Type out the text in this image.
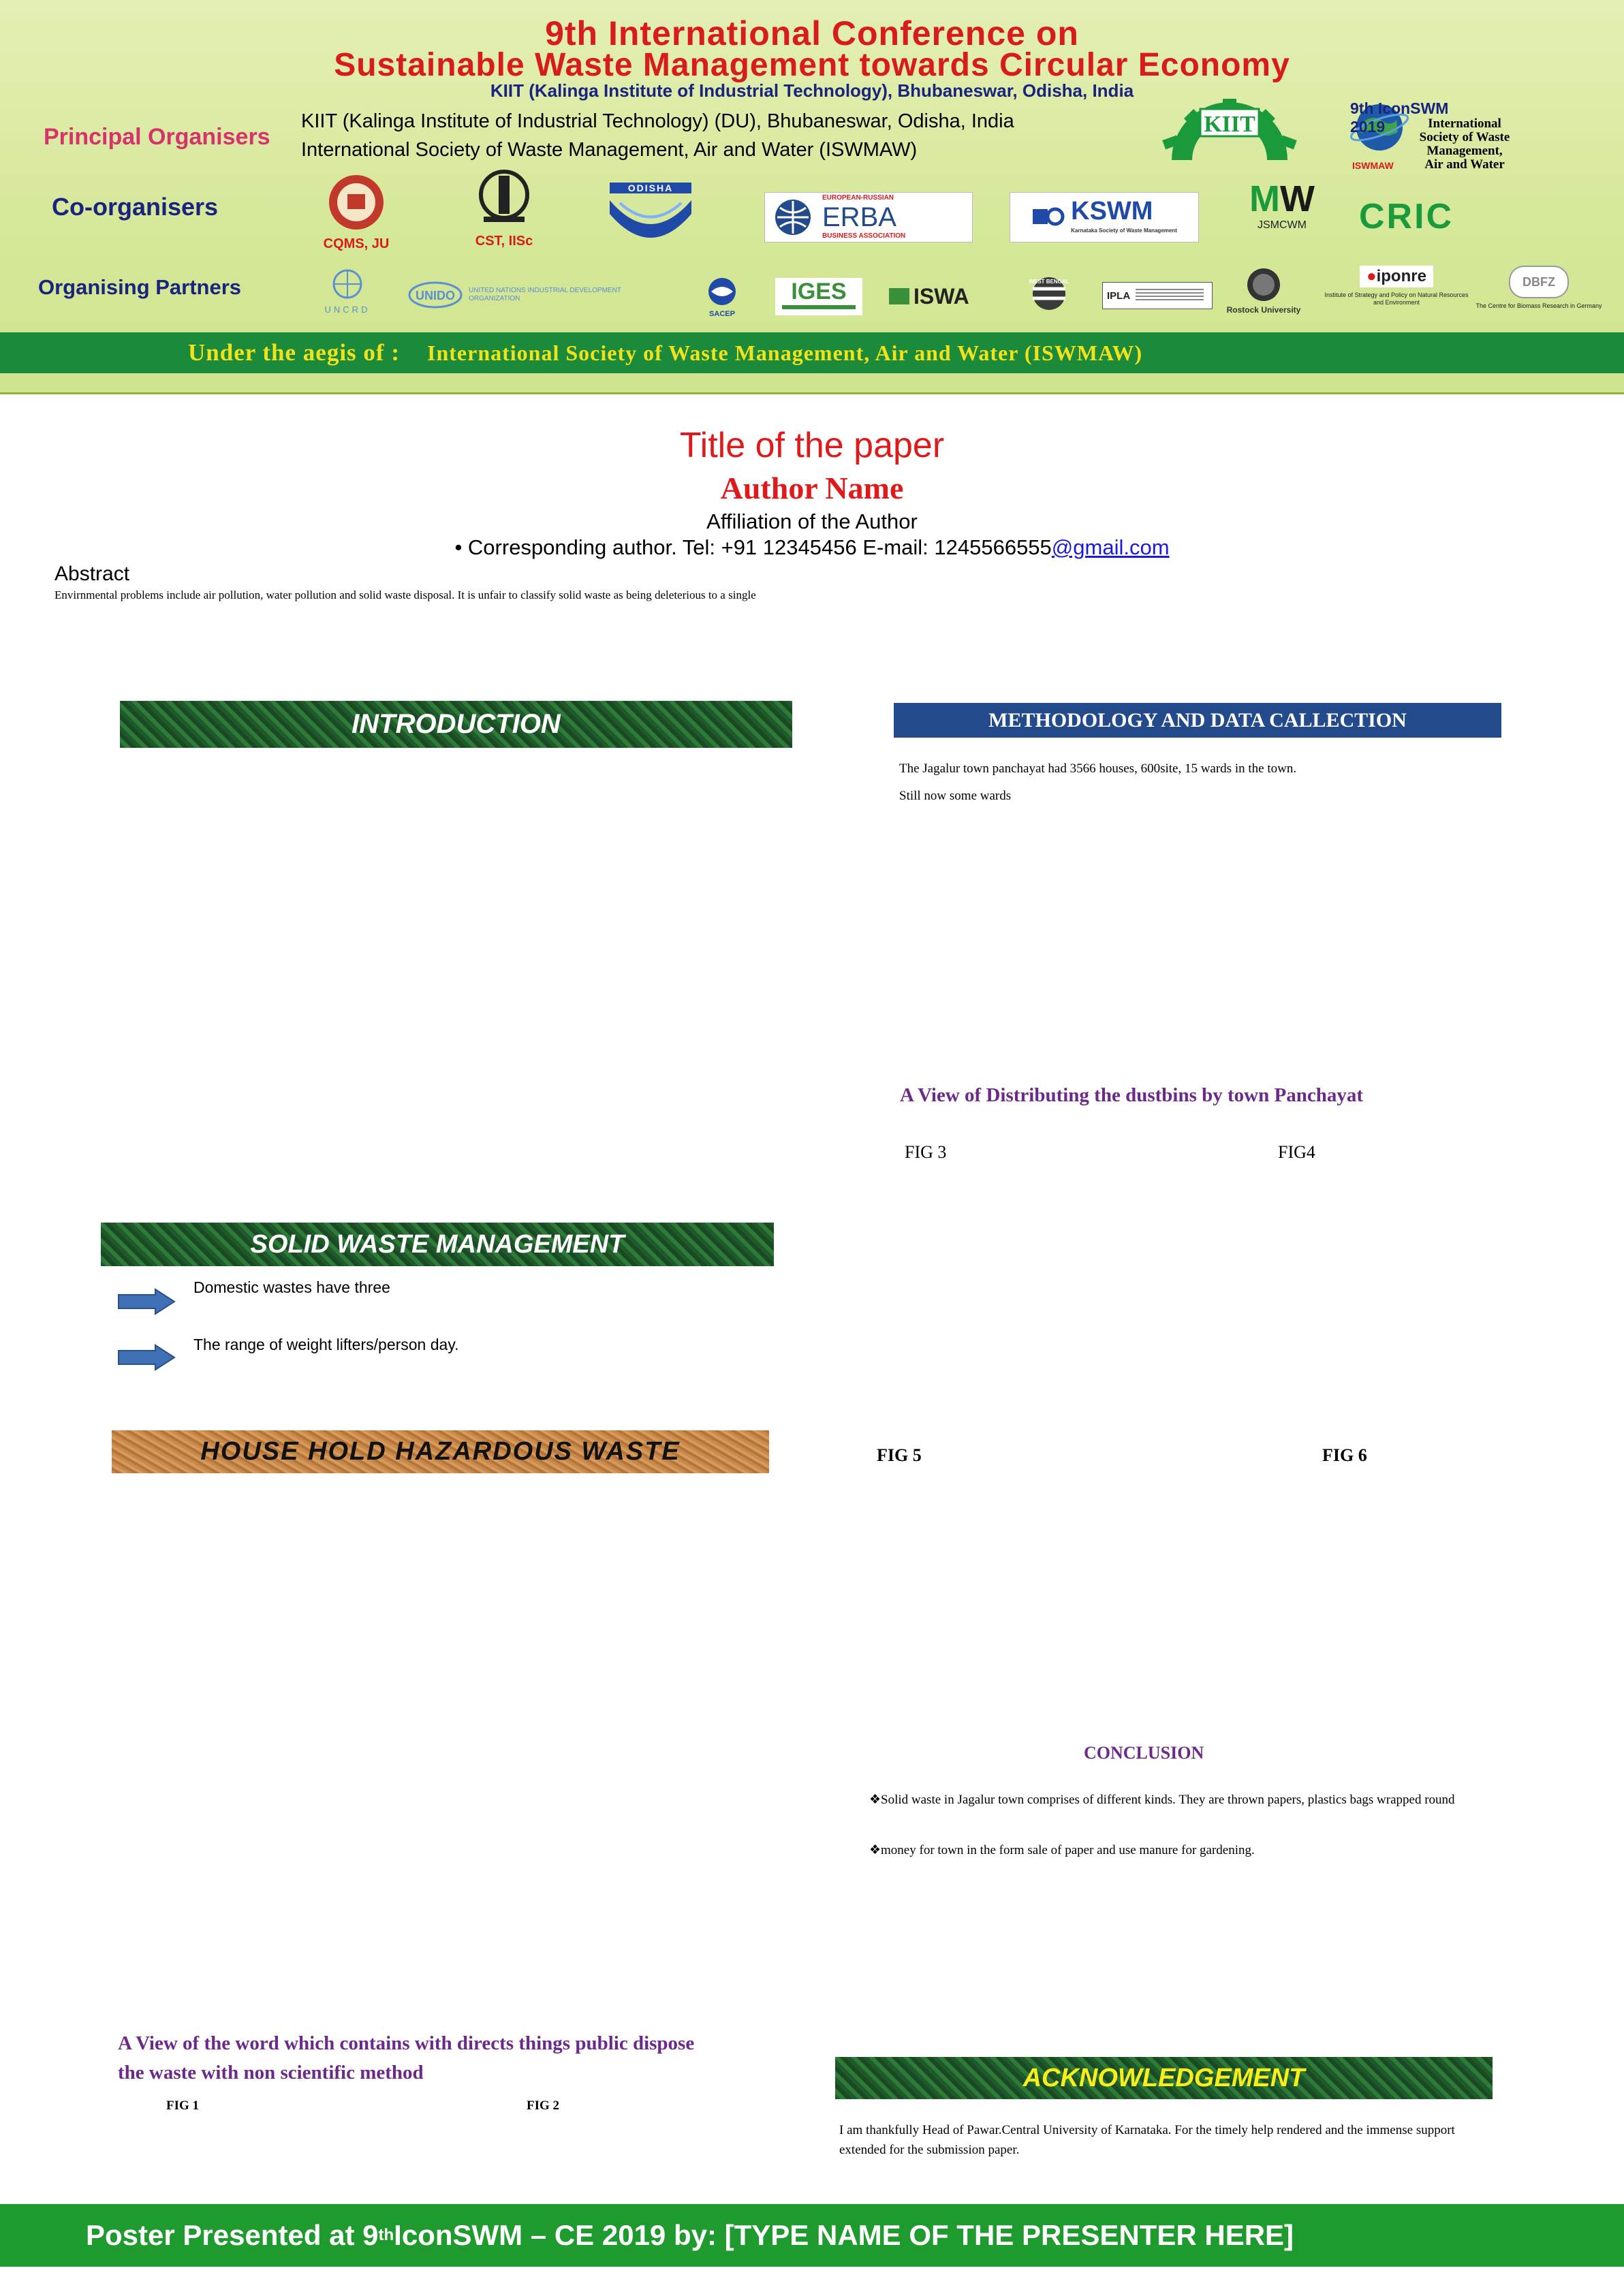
9th International Conference on
Sustainable Waste Management towards Circular Economy
KIIT (Kalinga Institute of Industrial Technology), Bhubaneswar, Odisha, India
Principal Organisers
KIIT (Kalinga Institute of Industrial Technology) (DU), Bhubaneswar, Odisha, India
International Society of Waste Management, Air and Water (ISWMAW)
KIIT
9th IconSWM 2019	International Society of Waste Management, Air and Water
ISWMAW
Co-organisers
CQMS, JU	CST, IISc
ODISHA
EUROPEAN-RUSSIAN
ERBA
BUSINESS ASSOCIATION
KSWM
Karnataka Society of Waste Management
MW
JSMCWM	CRIC
Organising Partners
UNCRD
UNIDO UNITED NATIONS INDUSTRIAL DEVELOPMENT ORGANIZATION
SACEP
IGES	ISWA
WEST BENGAL
IPLA
Rostock University
●iponre
Institute of Strategy and Policy on Natural Resources and Environment
DBFZ
The Centre for Biomass Research in Germany
Under the aegis of : International Society of Waste Management, Air and Water (ISWMAW)
Title of the paper
Author Name
Affiliation of the Author
• Corresponding author. Tel: +91 12345456 E-mail: 1245566555@gmail.com
Abstract
Envirnmental problems include air pollution, water pollution and solid waste disposal. It is unfair to classify solid waste as being deleterious to a single
INTRODUCTION
SOLID WASTE MANAGEMENT
Domestic wastes have three
The range of weight lifters/person day.
HOUSE HOLD HAZARDOUS WASTE
A View of the word which contains with directs things public dispose
the waste with non scientific method
FIG 1	FIG 2
METHODOLOGY AND DATA CALLECTION
The Jagalur town panchayat had 3566 houses, 600site, 15 wards in the town.
Still now some wards
A View of Distributing the dustbins by town Panchayat
FIG 3	FIG4
FIG 5	FIG 6
CONCLUSION
❖Solid waste in Jagalur town comprises of different kinds. They are thrown papers, plastics bags wrapped round
❖money for town in the form sale of paper and use manure for gardening.
ACKNOWLEDGEMENT
I am thankfully Head of Pawar.Central University of Karnataka. For the timely help rendered and the immense support extended for the submission paper.
Poster Presented at 9 th IconSWM – CE 2019 by: [TYPE NAME OF THE PRESENTER HERE]
